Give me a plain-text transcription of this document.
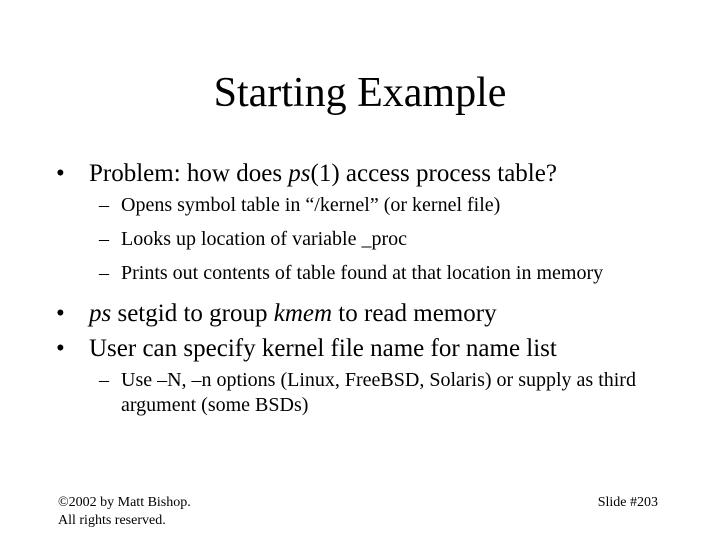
Starting Example
• Problem: how does ps(1) access process table?
– Opens symbol table in “/kernel” (or kernel file)
– Looks up location of variable _proc
– Prints out contents of table found at that location in memory
• ps setgid to group kmem to read memory
• User can specify kernel file name for name list
– Use –N, –n options (Linux, FreeBSD, Solaris) or supply as third argument (some BSDs)
©2002 by Matt Bishop.
All rights reserved.
Slide #203
